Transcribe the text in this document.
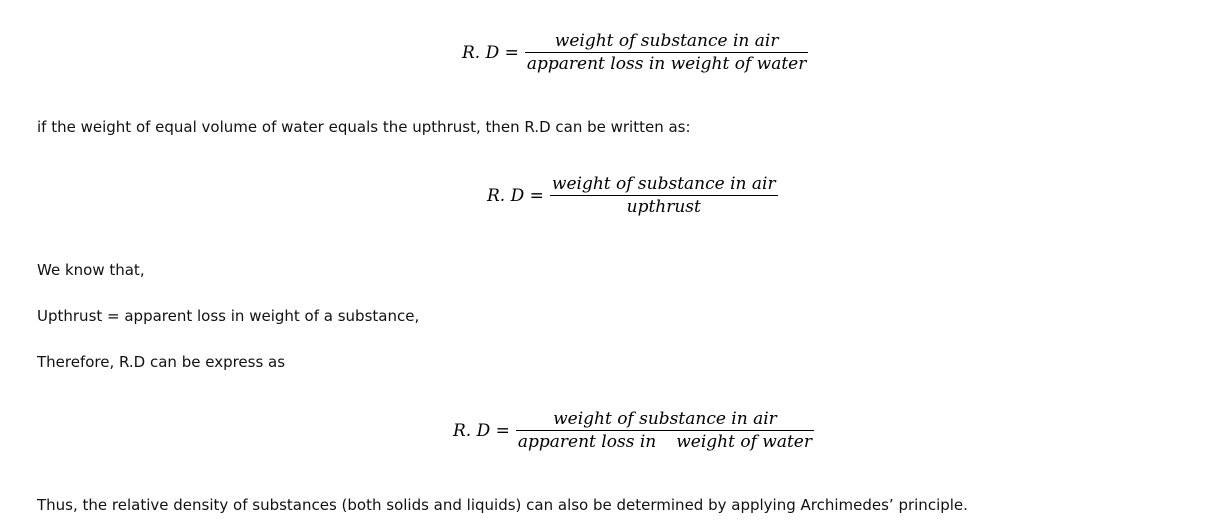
R. $D = \frac{\text{weight of substance in air}}{\text{apparent loss in weight of water}}$
if the weight of equal volume of water equals the upthrust, then R.D can be written as:
R. $D = \frac{\text{weight of substance in air}}{\text{upthrust}}$
We know that,
Upthrust = apparent loss in weight of a substance,
Therefore, R.D can be express as
R. $D = \frac{\text{weight of substance in air}}{\text{apparent loss in weight of water}}$
Thus, the relative density of substances (both solids and liquids) can also be determined by applying Archimedes’ principle.
